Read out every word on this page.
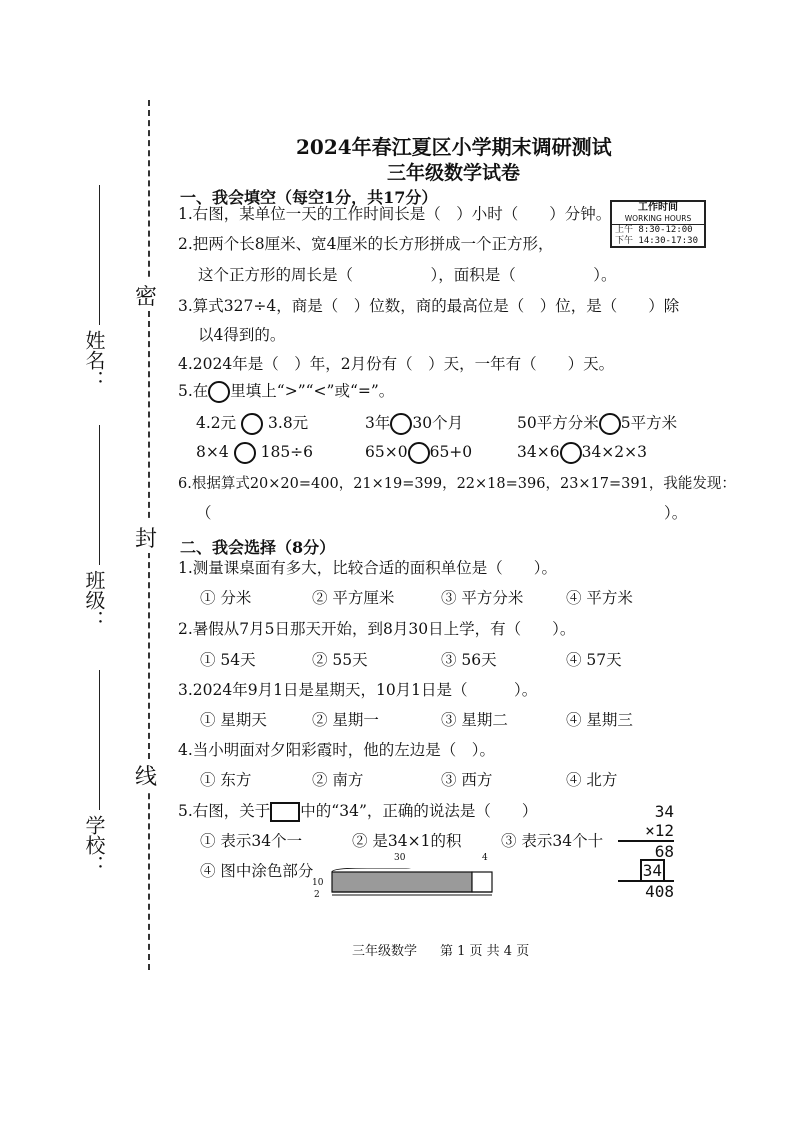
姓名：
班级：
学校：
密
封
线
2024年春江夏区小学期末调研测试
三年级数学试卷
一、我会填空（每空1分，共17分）
工作时间
WORKING HOURS
上午 8:30-12:00
下午 14:30-17:30
1.右图，某单位一天的工作时间长是（　）小时（　　）分钟。
2.把两个长8厘米、宽4厘米的长方形拼成一个正方形，
这个正方形的周长是（　　　　　），面积是（　　　　　）。
3.算式327÷4，商是（　）位数，商的最高位是（　）位，是（　　）除
以4得到的。
4.2024年是（　）年，2月份有（　）天，一年有（　　）天。
5.在 里填上“>”“<”或“=”。
4.2元 3.8元	3年 30个月	50平方分米 5平方米
8×4 185÷6	65×0 65+0	34×6 34×2×3
6.根据算式20×20=400，21×19=399，22×18=396，23×17=391，我能发现：
（	）。
二、我会选择（8分）
1.测量课桌面有多大，比较合适的面积单位是（　　）。
① 分米	② 平方厘米	③ 平方分米	④ 平方米
2.暑假从7月5日那天开始，到8月30日上学，有（　　）。
① 54天	② 55天	③ 56天	④ 57天
3.2024年9月1日是星期天，10月1日是（　　　）。
① 星期天	② 星期一	③ 星期二	④ 星期三
4.当小明面对夕阳彩霞时，他的左边是（　）。
① 东方	② 南方	③ 西方	④ 北方
5.右图，关于 中的“34”，正确的说法是（　　）
① 表示34个一	② 是34×1的积	③ 表示34个十
④ 图中涂色部分
34
×12
68
34
408
30	4
10
2
三年级数学 第 1 页 共 4 页
